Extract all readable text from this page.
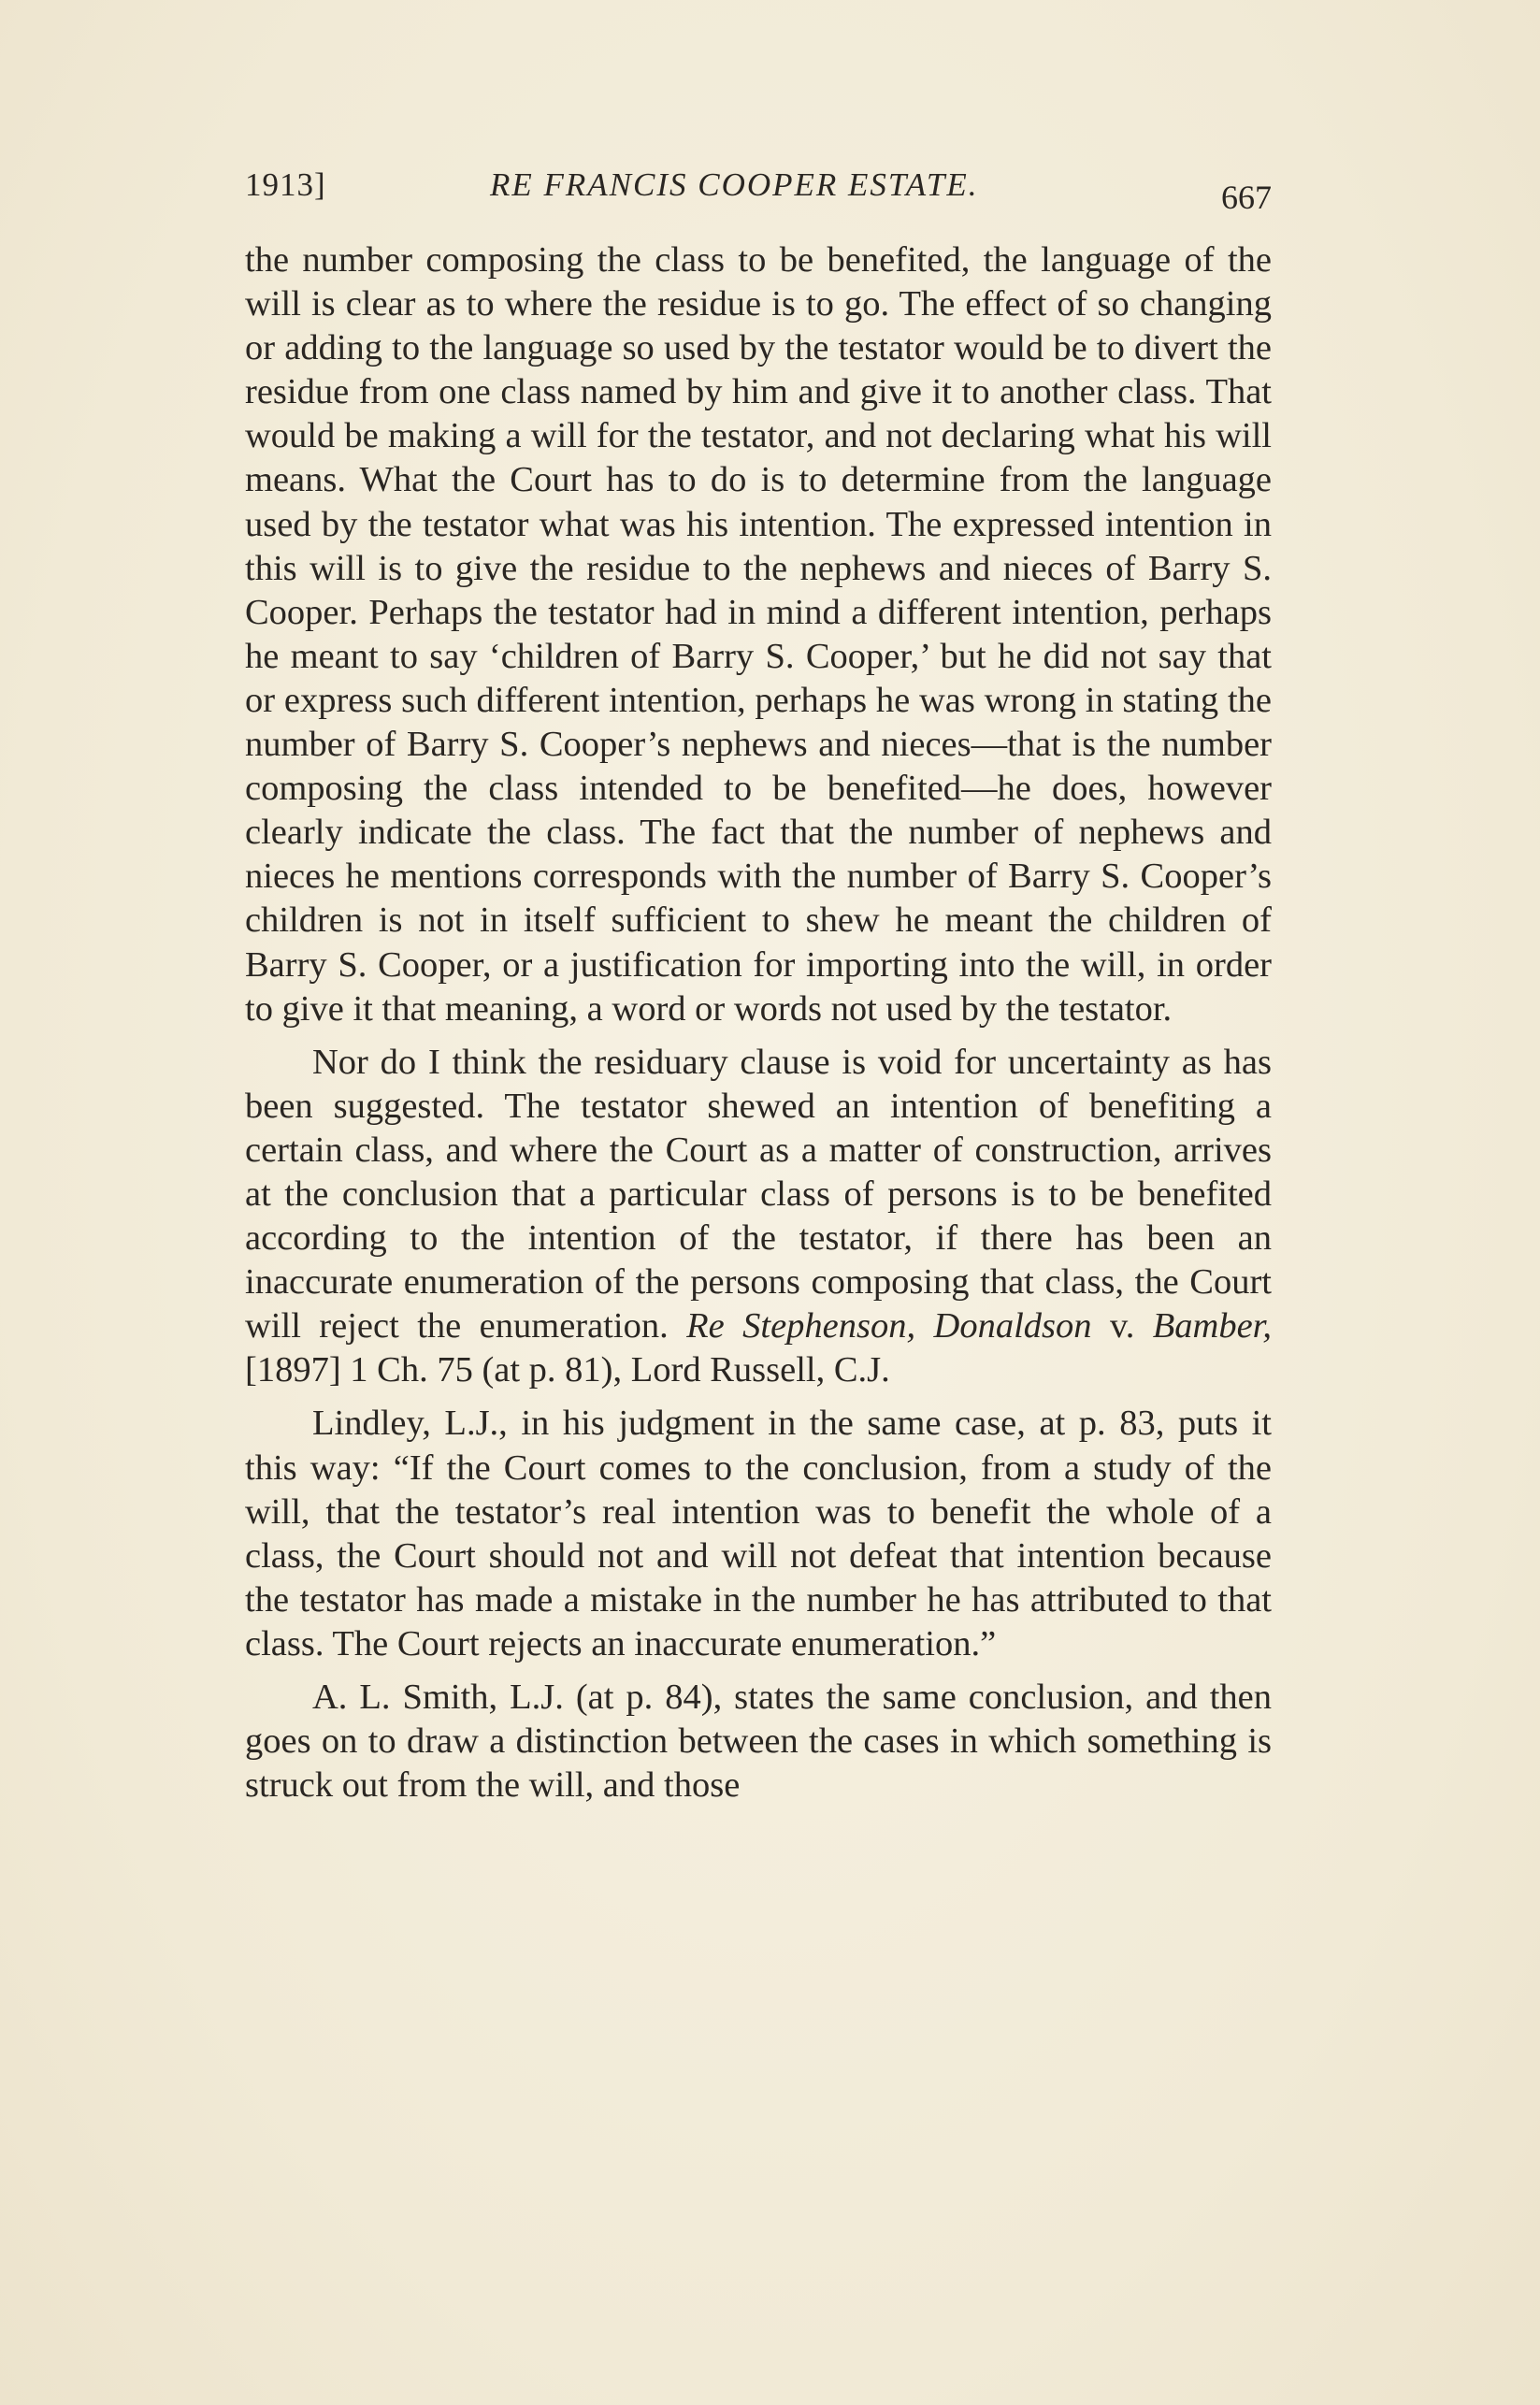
1913]	RE FRANCIS COOPER ESTATE.	667

the number composing the class to be benefited, the language of the will is clear as to where the residue is to go. The effect of so changing or adding to the language so used by the testator would be to divert the residue from one class named by him and give it to another class. That would be making a will for the testator, and not declaring what his will means. What the Court has to do is to determine from the language used by the testator what was his intention. The expressed intention in this will is to give the residue to the nephews and nieces of Barry S. Cooper. Perhaps the testator had in mind a different intention, perhaps he meant to say ‘children of Barry S. Cooper,’ but he did not say that or express such different intention, perhaps he was wrong in stating the number of Barry S. Cooper’s nephews and nieces—that is the number composing the class intended to be benefited—he does, however clearly indicate the class. The fact that the number of nephews and nieces he mentions corresponds with the number of Barry S. Cooper’s children is not in itself sufficient to shew he meant the children of Barry S. Cooper, or a justification for importing into the will, in order to give it that meaning, a word or words not used by the testator.

Nor do I think the residuary clause is void for uncertainty as has been suggested. The testator shewed an intention of benefiting a certain class, and where the Court as a matter of construction, arrives at the conclusion that a particular class of persons is to be benefited according to the intention of the testator, if there has been an inaccurate enumeration of the persons composing that class, the Court will reject the enumeration. Re Stephenson, Donaldson v. Bamber, [1897] 1 Ch. 75 (at p. 81), Lord Russell, C.J.

Lindley, L.J., in his judgment in the same case, at p. 83, puts it this way: “If the Court comes to the conclusion, from a study of the will, that the testator’s real intention was to benefit the whole of a class, the Court should not and will not defeat that intention because the testator has made a mistake in the number he has attributed to that class. The Court rejects an inaccurate enumeration.”

A. L. Smith, L.J. (at p. 84), states the same conclusion, and then goes on to draw a distinction between the cases in which something is struck out from the will, and those
